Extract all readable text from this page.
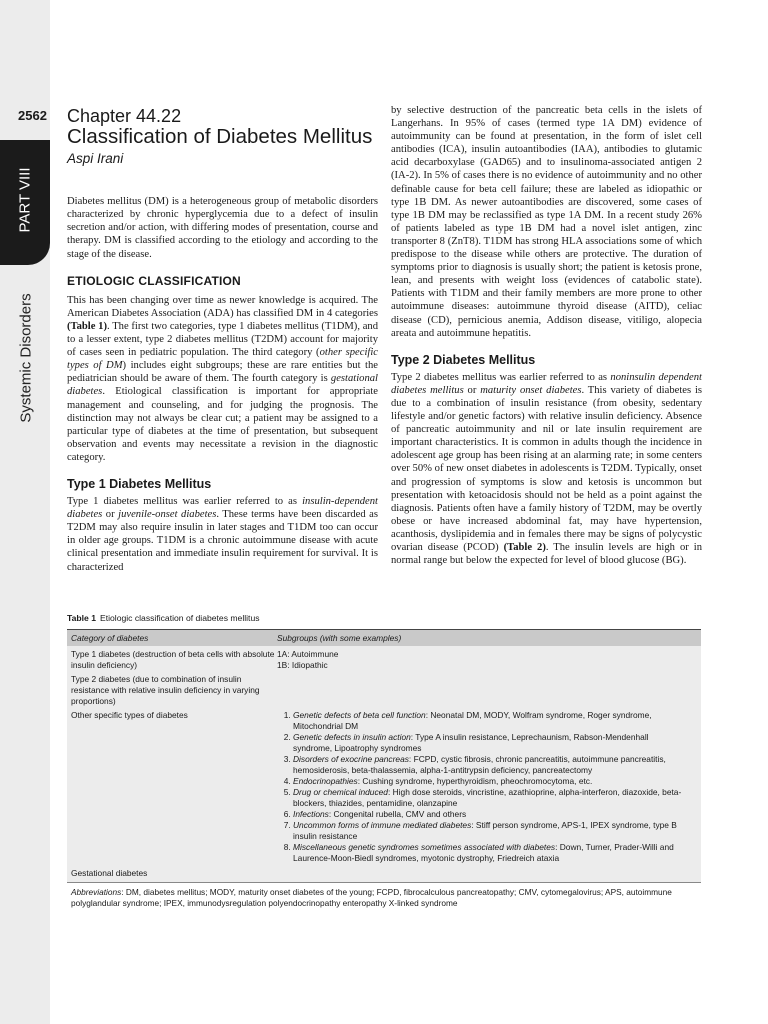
2562
PART VIII
Systemic Disorders
Chapter 44.22
Classification of Diabetes Mellitus
Aspi Irani

Diabetes mellitus (DM) is a heterogeneous group of metabolic disorders characterized by chronic hyperglycemia due to a defect of insulin secretion and/or action, with differing modes of presentation, course and therapy. DM is classified according to the etiology and according to the stage of the disease.

ETIOLOGIC CLASSIFICATION

This has been changing over time as newer knowledge is acquired. The American Diabetes Association (ADA) has classified DM in 4 categories (Table 1). The first two categories, type 1 diabetes mellitus (T1DM), and to a lesser extent, type 2 diabetes mellitus (T2DM) account for majority of cases seen in pediatric population. The third category (other specific types of DM) includes eight subgroups; these are rare entities but the pediatrician should be aware of them. The fourth category is gestational diabetes. Etiological classification is important for appropriate management and counseling, and for judging the prognosis. The distinction may not always be clear cut; a patient may be assigned to a particular type of diabetes at the time of presentation, but subsequent observation and events may necessitate a revision in the diagnostic category.

Type 1 Diabetes Mellitus

Type 1 diabetes mellitus was earlier referred to as insulin-dependent diabetes or juvenile-onset diabetes. These terms have been discarded as T2DM may also require insulin in later stages and T1DM too can occur in older age groups. T1DM is a chronic autoimmune disease with acute clinical presentation and immediate insulin requirement for survival. It is characterized

by selective destruction of the pancreatic beta cells in the islets of Langerhans. In 95% of cases (termed type 1A DM) evidence of autoimmunity can be found at presentation, in the form of islet cell antibodies (ICA), insulin autoantibodies (IAA), antibodies to glutamic acid decarboxylase (GAD65) and to insulinoma-associated antigen 2 (IA-2). In 5% of cases there is no evidence of autoimmunity and no other definable cause for beta cell failure; these are labeled as idiopathic or type 1B DM. As newer autoantibodies are discovered, some cases of type 1B DM may be reclassified as type 1A DM. In a recent study 26% of patients labeled as type 1B DM had a novel islet antigen, zinc transporter 8 (ZnT8). T1DM has strong HLA associations some of which predispose to the disease while others are protective. The duration of symptoms prior to diagnosis is usually short; the patient is ketosis prone, lean, and presents with weight loss (evidences of catabolic state). Patients with T1DM and their family members are more prone to other autoimmune diseases: autoimmune thyroid disease (AITD), celiac disease (CD), pernicious anemia, Addison disease, vitiligo, alopecia areata and autoimmune hepatitis.

Type 2 Diabetes Mellitus

Type 2 diabetes mellitus was earlier referred to as noninsulin dependent diabetes mellitus or maturity onset diabetes. This variety of diabetes is due to a combination of insulin resistance (from obesity, sedentary lifestyle and/or genetic factors) with relative insulin deficiency. Absence of pancreatic autoimmunity and nil or late insulin requirement are important characteristics. It is common in adults though the incidence in adolescent age group has been rising at an alarming rate; in some centers over 50% of new onset diabetes in adolescents is T2DM. Typically, onset and progression of symptoms is slow and ketosis is uncommon but presentation with ketoacidosis should not be held as a point against the diagnosis. Patients often have a family history of T2DM, may be overtly obese or have increased abdominal fat, may have hypertension, acanthosis, dyslipidemia and in females there may be signs of polycystic ovarian disease (PCOD) (Table 2). The insulin levels are high or in normal range but below the expected for level of blood glucose (BG).

Table 1 Etiologic classification of diabetes mellitus
Category of diabetes	Subgroups (with some examples)
Type 1 diabetes (destruction of beta cells with absolute insulin deficiency)
1A: Autoimmune
1B: Idiopathic
Type 2 diabetes (due to combination of insulin resistance with relative insulin deficiency in varying proportions)
Other specific types of diabetes
1.	Genetic defects of beta cell function: Neonatal DM, MODY, Wolfram syndrome, Roger syndrome, Mitochondrial DM
2. Genetic defects in insulin action: Type A insulin resistance, Leprechaunism, Rabson-Mendenhall syndrome, Lipoatrophy syndromes
3. Disorders of exocrine pancreas: FCPD, cystic fibrosis, chronic pancreatitis, autoimmune pancreatitis, hemosiderosis, beta-thalassemia, alpha-1-antitrypsin deficiency, pancreatectomy
4. Endocrinopathies: Cushing syndrome, hyperthyroidism, pheochromocytoma, etc.
5. Drug or chemical induced: High dose steroids, vincristine, azathioprine, alpha-interferon, diazoxide, beta-blockers, thiazides, pentamidine, olanzapine
6. Infections: Congenital rubella, CMV and others
7. Uncommon forms of immune mediated diabetes: Stiff person syndrome, APS-1, IPEX syndrome, type B insulin resistance
8. Miscellaneous genetic syndromes sometimes associated with diabetes: Down, Turner, Prader-Willi and Laurence-Moon-Biedl syndromes, myotonic dystrophy, Friedreich ataxia
Gestational diabetes
Abbreviations: DM, diabetes mellitus; MODY, maturity onset diabetes of the young; FCPD, fibrocalculous pancreatopathy; CMV, cytomegalovirus; APS, autoimmune polyglandular syndrome; IPEX, immunodysregulation polyendocrinopathy enteropathy X-linked syndrome
